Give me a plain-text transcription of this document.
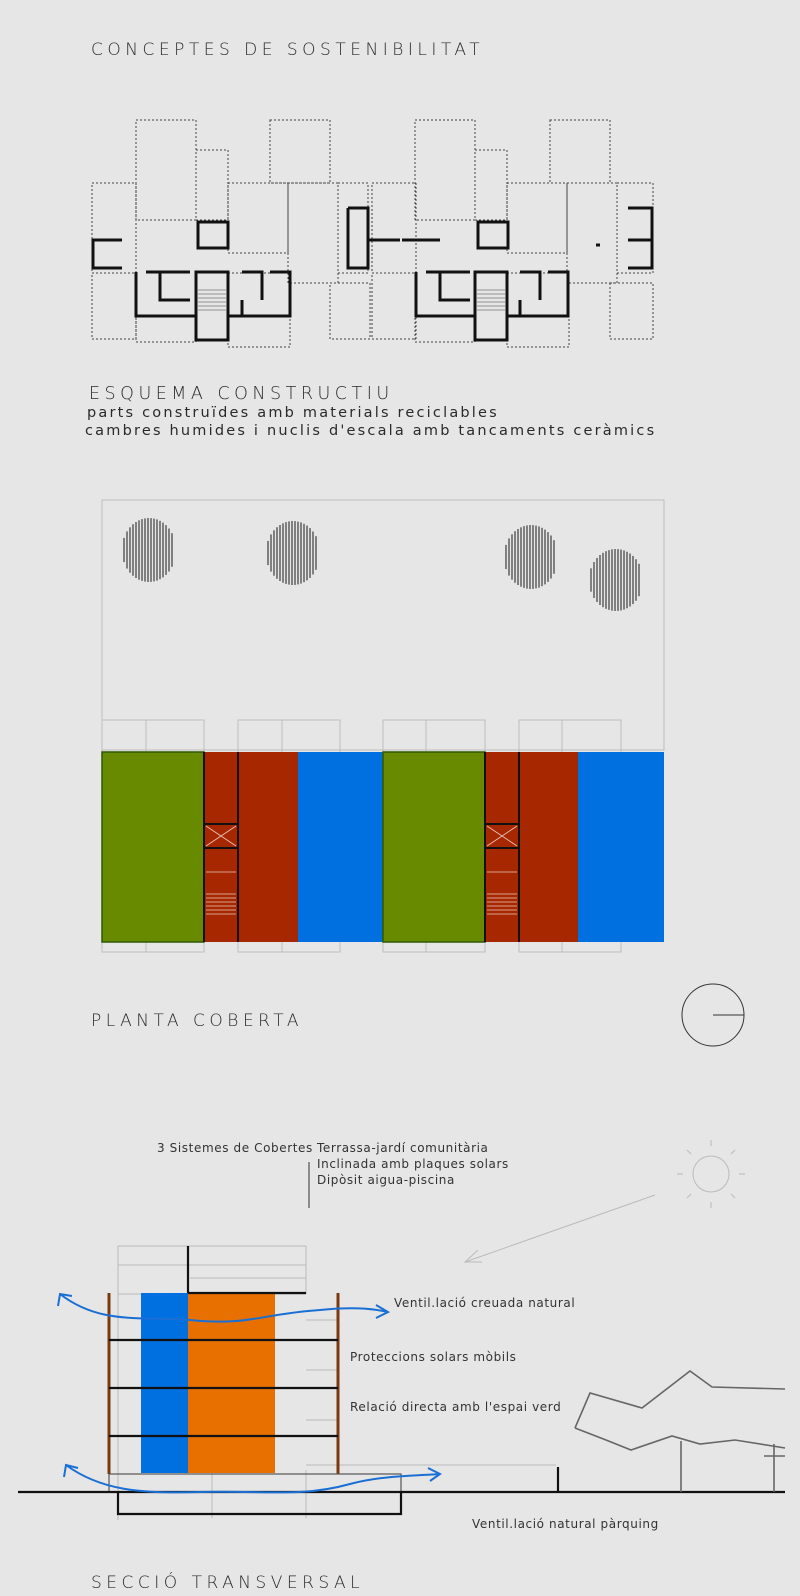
CONCEPTES DE SOSTENIBILITAT
ESQUEMA CONSTRUCTIU
parts construïdes amb materials reciclables
cambres humides i nuclis d'escala amb tancaments ceràmics
PLANTA COBERTA
3 Sistemes de Cobertes Terrassa-jardí comunitària
Inclinada amb plaques solars
Dipòsit aigua-piscina
Ventil.lació creuada natural
Proteccions solars mòbils
Relació directa amb l'espai verd
Ventil.lació natural pàrquing
SECCIÓ TRANSVERSAL
